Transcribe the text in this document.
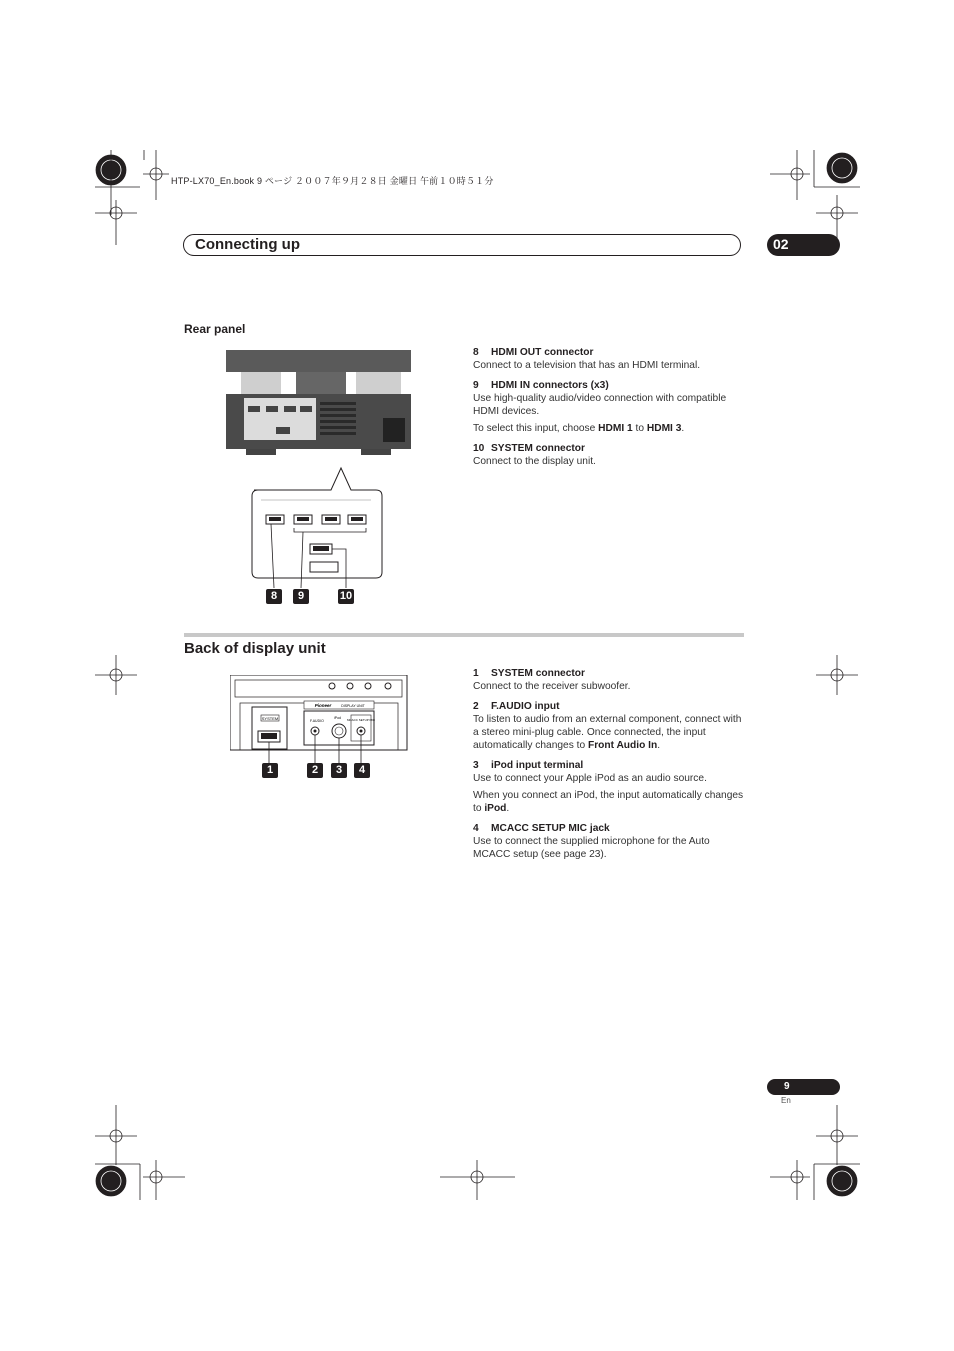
HTP-LX70_En.book 9 ページ ２００７年９月２８日 金曜日 午前１０時５１分
Connecting up	02
Rear panel
8	9	10
8 HDMI OUT connector

Connect to a television that has an HDMI terminal.

9 HDMI IN connectors (x3)

Use high-quality audio/video connection with compatible HDMI devices.

To select this input, choose HDMI 1 to HDMI 3.

10 SYSTEM connector

Connect to the display unit.

Back of display unit
SYSTEM
Pioneer	DISPLAY UNIT
F.AUDIO
iPod MCACC SETUP MIC
1	2	3	4
1 SYSTEM connector

Connect to the receiver subwoofer.

2 F.AUDIO input

To listen to audio from an external component, connect with a stereo mini-plug cable. Once connected, the input automatically changes to Front Audio In.

3 iPod input terminal

Use to connect your Apple iPod as an audio source.

When you connect an iPod, the input automatically changes to iPod.

4 MCACC SETUP MIC jack

Use to connect the supplied microphone for the Auto MCACC setup (see page 23).

9
En
